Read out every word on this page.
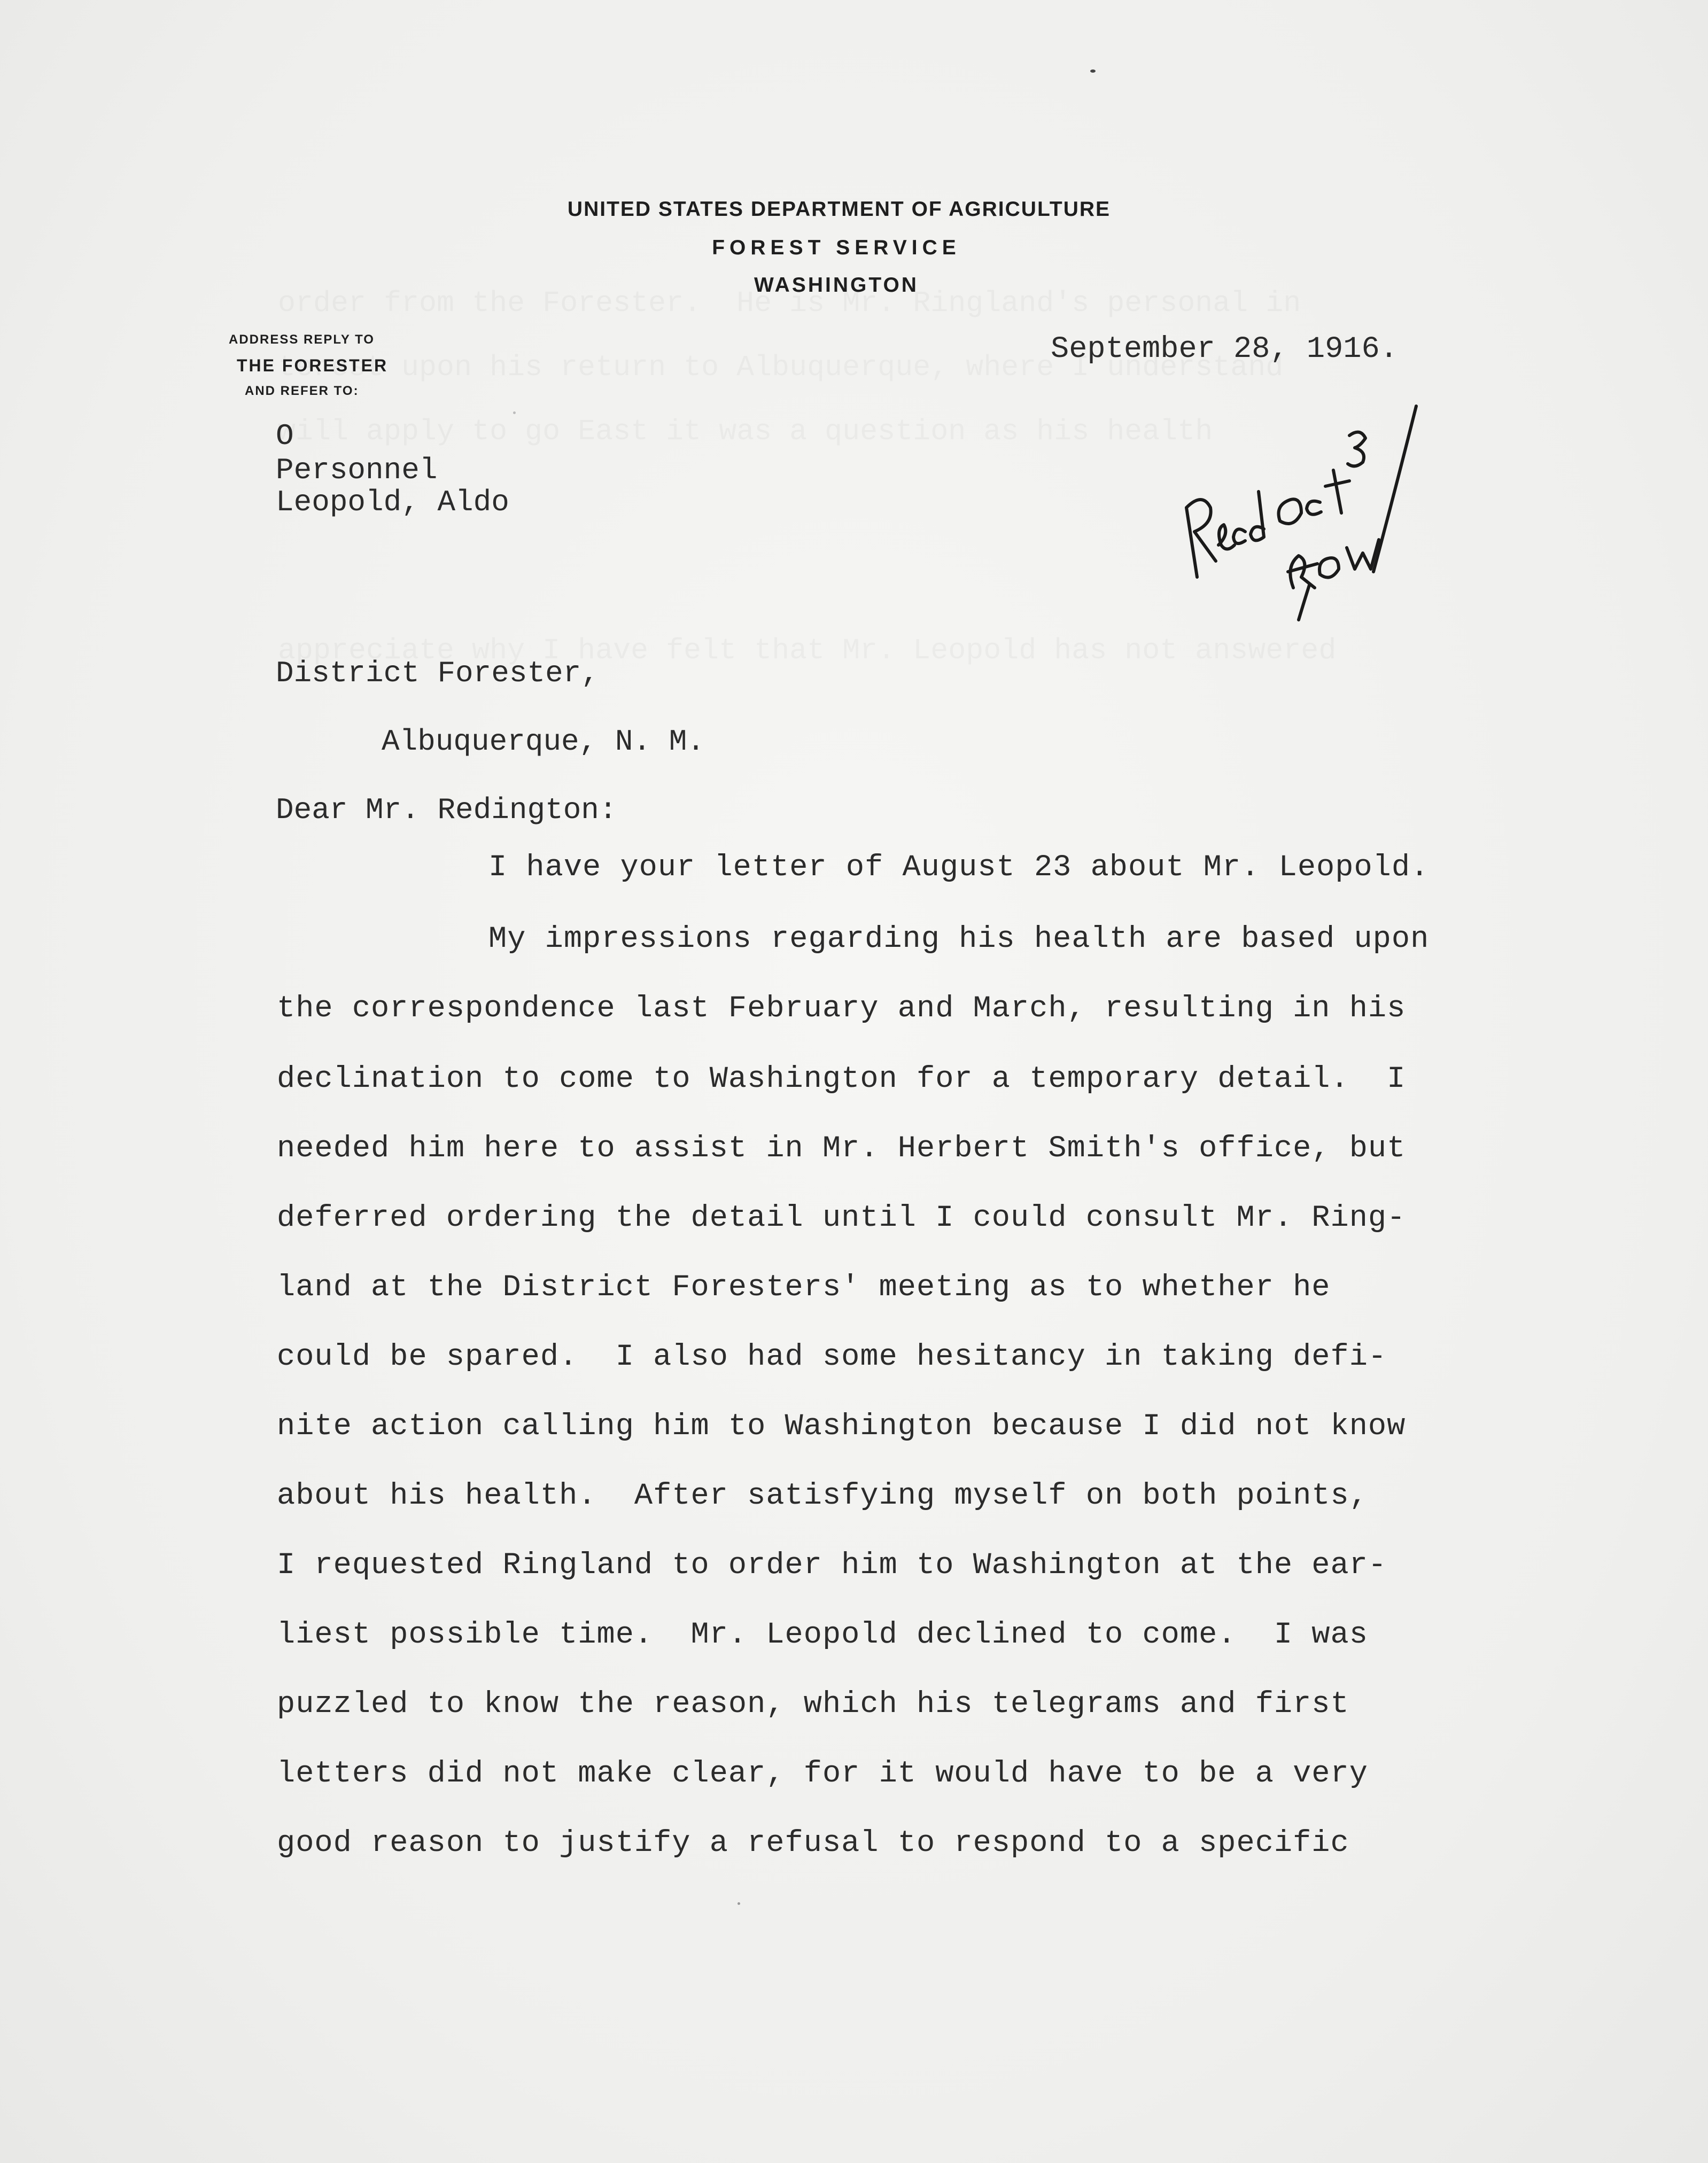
UNITED STATES DEPARTMENT OF AGRICULTURE
FOREST SERVICE
WASHINGTON
ADDRESS REPLY TO
THE FORESTER
AND REFER TO:
September 28, 1916.
O
Personnel
Leopold, Aldo
District Forester,
Albuquerque, N. M.
Dear Mr. Redington:
I have your letter of August 23 about Mr. Leopold.
My impressions regarding his health are based upon
the correspondence last February and March, resulting in his
declination to come to Washington for a temporary detail.  I
needed him here to assist in Mr. Herbert Smith's office, but
deferred ordering the detail until I could consult Mr. Ring-
land at the District Foresters' meeting as to whether he
could be spared.  I also had some hesitancy in taking defi-
nite action calling him to Washington because I did not know
about his health.  After satisfying myself on both points,
I requested Ringland to order him to Washington at the ear-
liest possible time.  Mr. Leopold declined to come.  I was
puzzled to know the reason, which his telegrams and first
letters did not make clear, for it would have to be a very
good reason to justify a refusal to respond to a specific
